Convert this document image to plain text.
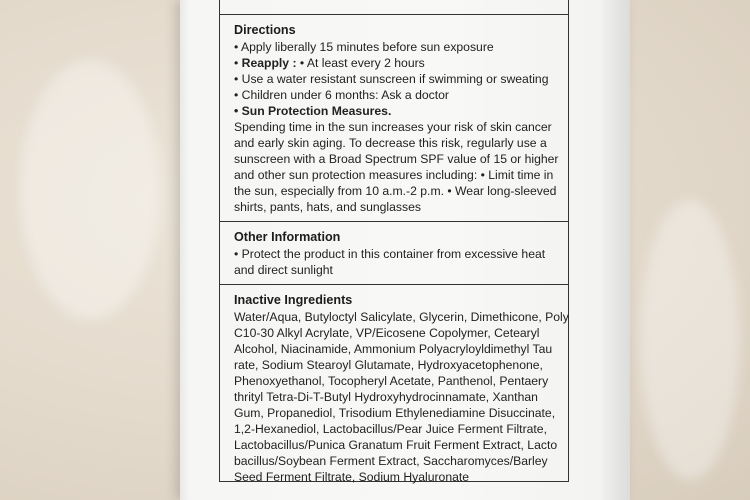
Directions
• Apply liberally 15 minutes before sun exposure
• Reapply : • At least every 2 hours
• Use a water resistant sunscreen if swimming or sweating
• Children under 6 months: Ask a doctor
• Sun Protection Measures.
Spending time in the sun increases your risk of skin cancer
and early skin aging. To decrease this risk, regularly use a
sunscreen with a Broad Spectrum SPF value of 15 or higher
and other sun protection measures including: • Limit time in
the sun, especially from 10 a.m.-2 p.m. • Wear long-sleeved
shirts, pants, hats, and sunglasses
Other Information
• Protect the product in this container from excessive heat
and direct sunlight
Inactive Ingredients
Water/Aqua, Butyloctyl Salicylate, Glycerin, Dimethicone, Poly
C10-30 Alkyl Acrylate, VP/Eicosene Copolymer, Cetearyl
Alcohol, Niacinamide, Ammonium Polyacryloyldimethyl Tau
rate, Sodium Stearoyl Glutamate, Hydroxyacetophenone,
Phenoxyethanol, Tocopheryl Acetate, Panthenol, Pentaery
thrityl Tetra-Di-T-Butyl Hydroxyhydrocinnamate, Xanthan
Gum, Propanediol, Trisodium Ethylenediamine Disuccinate,
1,2-Hexanediol, Lactobacillus/Pear Juice Ferment Filtrate,
Lactobacillus/Punica Granatum Fruit Ferment Extract, Lacto
bacillus/Soybean Ferment Extract, Saccharomyces/Barley
Seed Ferment Filtrate, Sodium Hyaluronate
